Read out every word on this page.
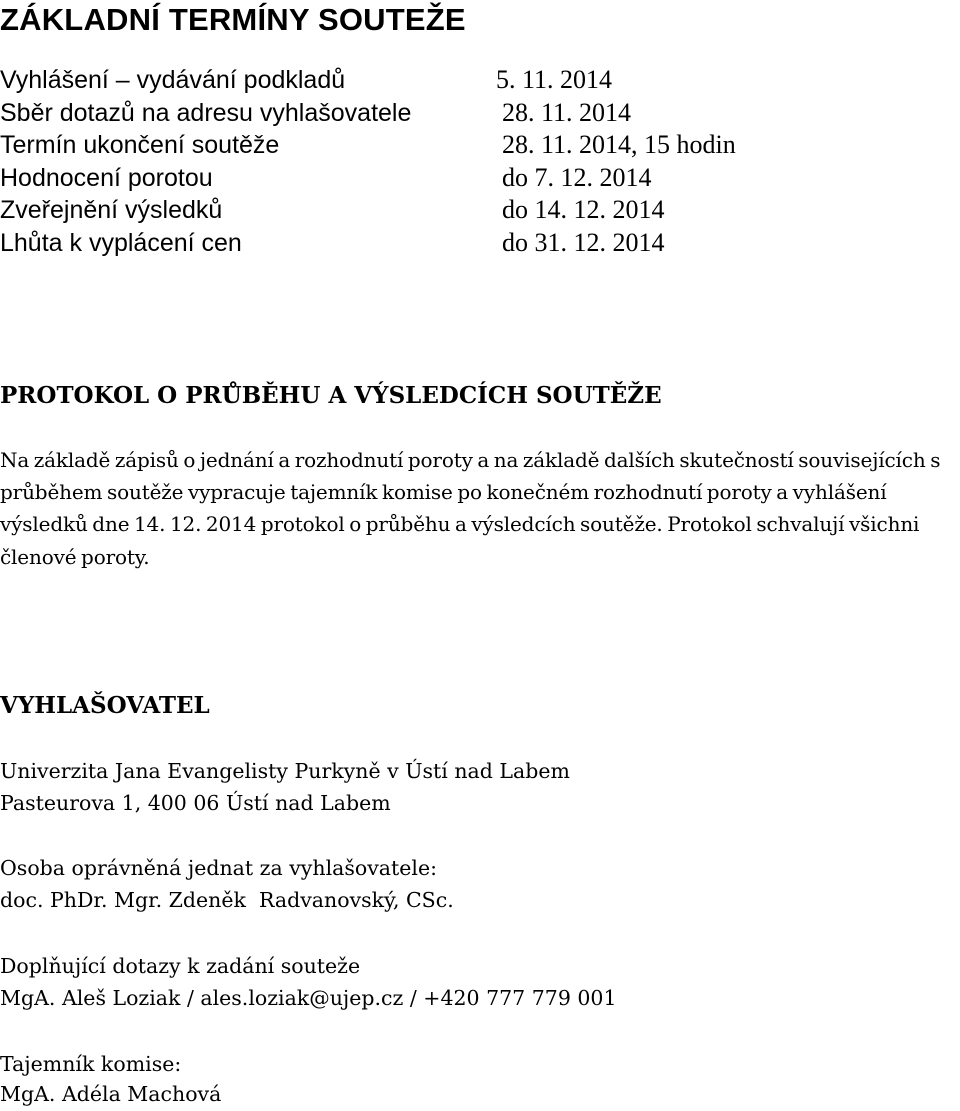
ZÁKLADNÍ TERMÍNY SOUTEŽE
Vyhlášení – vydávání podkladů	5. 11. 2014
Sběr dotazů na adresu vyhlašovatele	28. 11. 2014
Termín ukončení soutěže	28. 11. 2014, 15 hodin
Hodnocení porotou	do 7. 12. 2014
Zveřejnění výsledků	do 14. 12. 2014
Lhůta k vyplácení cen	do 31. 12. 2014
PROTOKOL O PRŮBĚHU A VÝSLEDCÍCH SOUTĚŽE

Na základě zápisů o jednání a rozhodnutí poroty a na základě dalších skutečností souvisejících s průběhem soutěže vypracuje tajemník komise po konečném rozhodnutí poroty a vyhlášení výsledků dne 14. 12. 2014 protokol o průběhu a výsledcích soutěže. Protokol schvalují všichni členové poroty.

VYHLAŠOVATEL

Univerzita Jana Evangelisty Purkyně v Ústí nad Labem

Pasteurova 1, 400 06 Ústí nad Labem

Osoba oprávněná jednat za vyhlašovatele:

doc. PhDr. Mgr. Zdeněk  Radvanovský, CSc.

Doplňující dotazy k zadání souteže

MgA. Aleš Loziak / ales.loziak@ujep.cz / +420 777 779 001

Tajemník komise:

MgA. Adéla Machová
